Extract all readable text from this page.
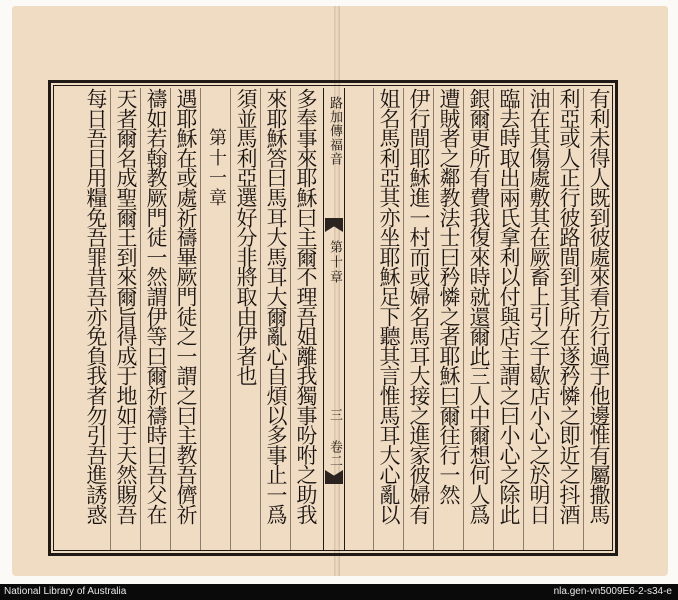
有利未得人既到彼處來看方行過于他邊惟有屬撒馬
利亞或人正行彼路間到其所在遂矜憐之即近之抖酒
油在其傷處敷其在厥畜上引之于歇店小心之於明日
臨去時取出兩氏拿利以付與店主謂之曰小心之除此
銀爾更所有費我復來時就還爾此三人中爾想何人爲
遭賊者之鄰教法士曰矜憐之者耶穌曰爾往行一然
伊行間耶穌進一村而或婦名馬耳大接之進家彼婦有
姐名馬利亞其亦坐耶穌足下聽其言惟馬耳大心亂以
路加傳福音
第十章
三
卷二
多奉事來耶穌曰主爾不理吾姐離我獨事吩咐之助我
來耶穌答曰馬耳大馬耳大爾亂心自煩以多事止一爲
須並馬利亞選好分非將取由伊者也
第十一章
遇耶穌在或處祈禱畢厥門徒之一謂之曰主教吾儕祈
禱如若翰教厥門徒一然謂伊等曰爾祈禱時曰吾父在
天者爾名成聖爾王到來爾旨得成于地如于天然賜吾
每日吾日用糧免吾罪昔吾亦免負我者勿引吾進誘惑
National Library of Australia	nla.gen-vn5009E6-2-s34-e
